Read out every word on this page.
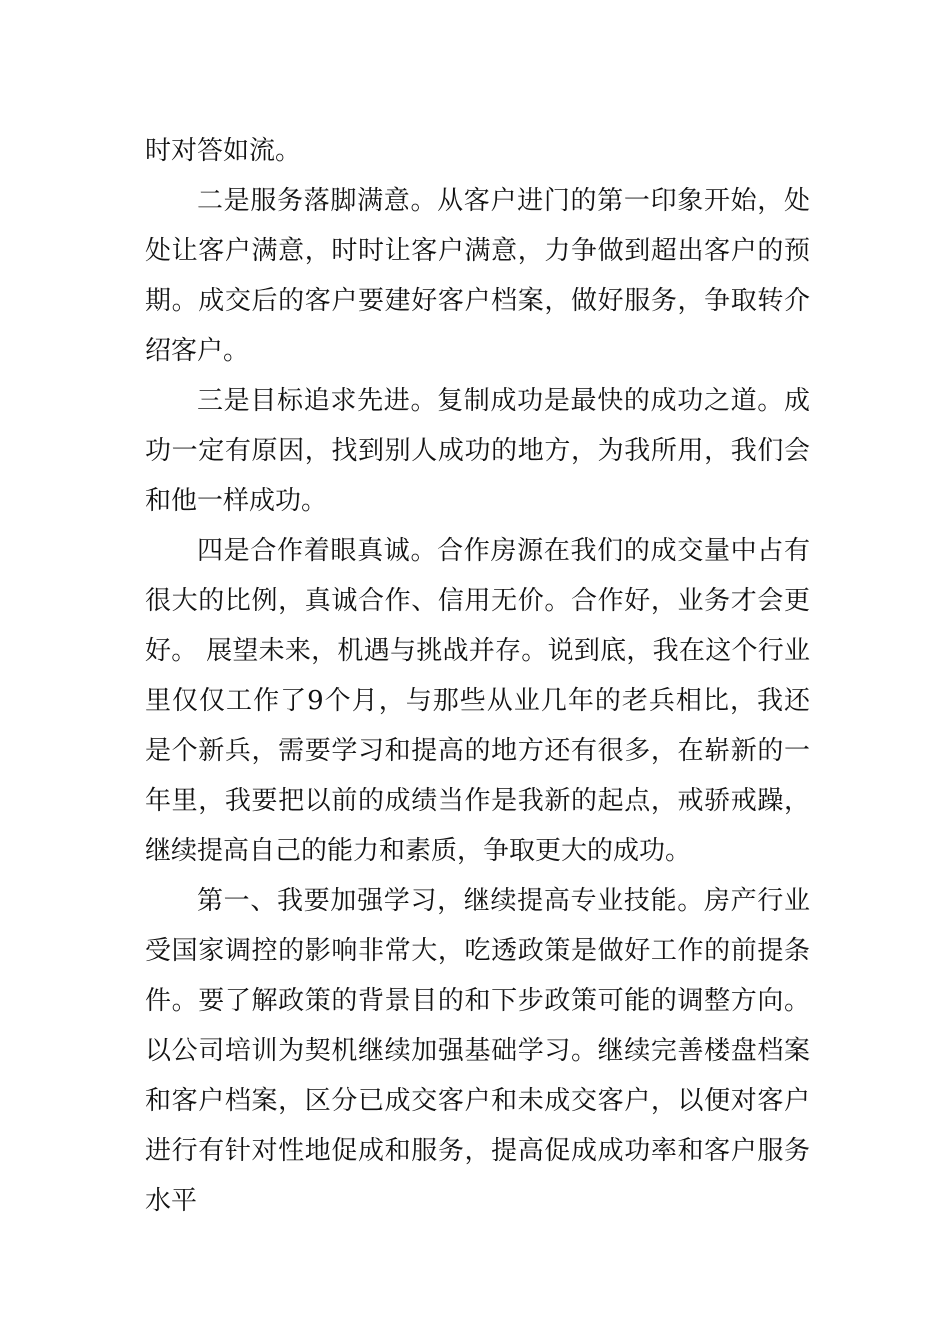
时对答如流。

二是服务落脚满意。从客户进门的第一印象开始，处处让客户满意，时时让客户满意，力争做到超出客户的预期。成交后的客户要建好客户档案，做好服务，争取转介绍客户。

三是目标追求先进。复制成功是最快的成功之道。成功一定有原因，找到别人成功的地方，为我所用，我们会和他一样成功。

四是合作着眼真诚。合作房源在我们的成交量中占有很大的比例，真诚合作、信用无价。合作好，业务才会更好。 展望未来，机遇与挑战并存。说到底，我在这个行业里仅仅工作了9个月，与那些从业几年的老兵相比，我还是个新兵，需要学习和提高的地方还有很多，在崭新的一年里，我要把以前的成绩当作是我新的起点，戒骄戒躁，继续提高自己的能力和素质，争取更大的成功。

第一、我要加强学习，继续提高专业技能。房产行业受国家调控的影响非常大，吃透政策是做好工作的前提条件。要了解政策的背景目的和下步政策可能的调整方向。以公司培训为契机继续加强基础学习。继续完善楼盘档案和客户档案，区分已成交客户和未成交客户，以便对客户进行有针对性地促成和服务，提高促成成功率和客户服务水平
